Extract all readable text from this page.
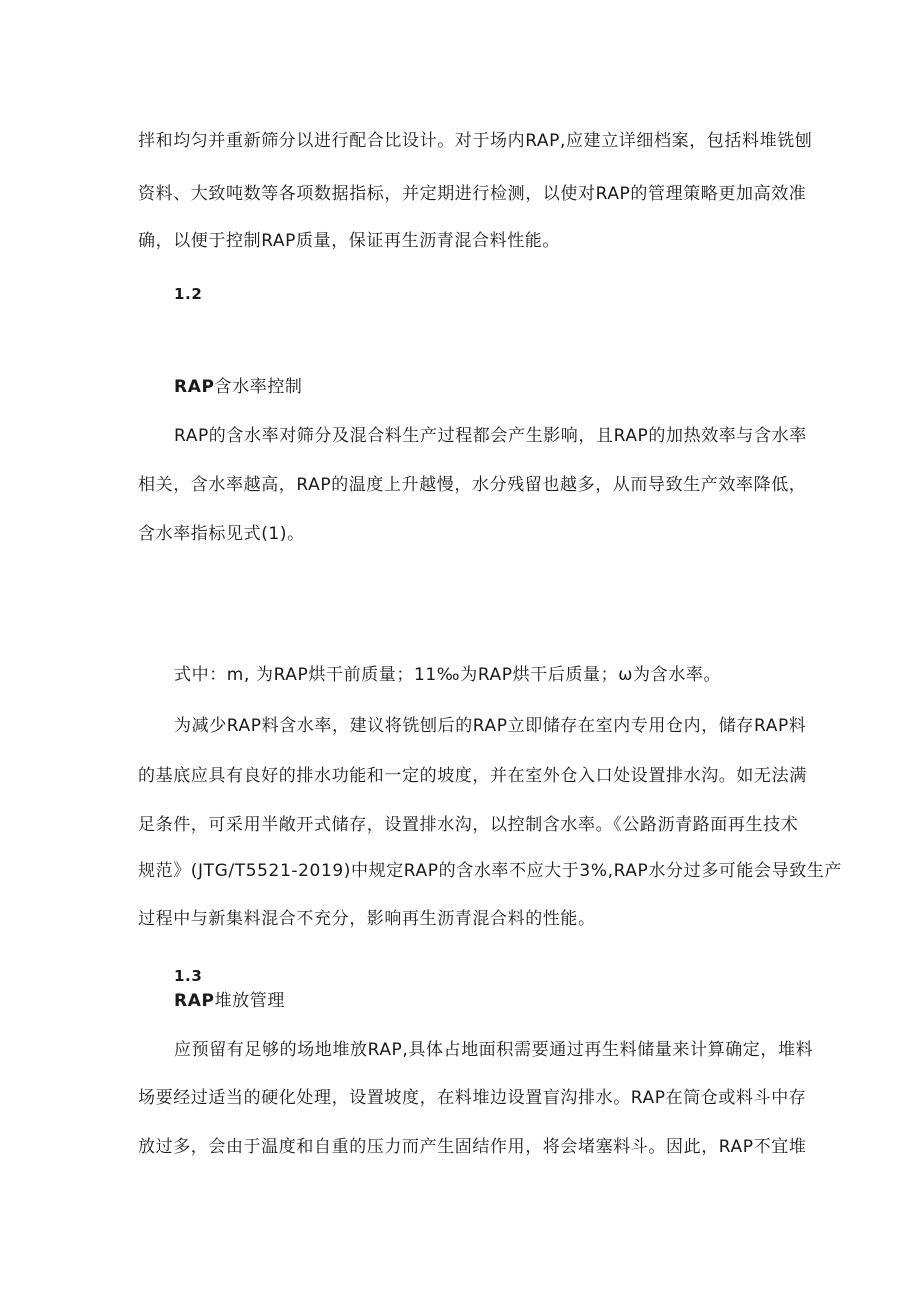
拌和均匀并重新筛分以进行配合比设计。对于场内RAP,应建立详细档案，包括料堆铣刨
资料、大致吨数等各项数据指标，并定期进行检测，以使对RAP的管理策略更加高效准
确，以便于控制RAP质量，保证再生沥青混合料性能。
1.2
RAP含水率控制
RAP的含水率对筛分及混合料生产过程都会产生影响，且RAP的加热效率与含水率
相关，含水率越高，RAP的温度上升越慢，水分残留也越多，从而导致生产效率降低，
含水率指标见式(1)。
式中：m, 为RAP烘干前质量；11‰为RAP烘干后质量；ω为含水率。
为减少RAP料含水率，建议将铣刨后的RAP立即储存在室内专用仓内，储存RAP料
的基底应具有良好的排水功能和一定的坡度，并在室外仓入口处设置排水沟。如无法满
足条件，可采用半敞开式储存，设置排水沟，以控制含水率。《公路沥青路面再生技术
规范》(JTG/T5521-2019)中规定RAP的含水率不应大于3%,RAP水分过多可能会导致生产
过程中与新集料混合不充分，影响再生沥青混合料的性能。
1.3
RAP堆放管理
应预留有足够的场地堆放RAP,具体占地面积需要通过再生料储量来计算确定，堆料
场要经过适当的硬化处理，设置坡度，在料堆边设置盲沟排水。RAP在筒仓或料斗中存
放过多，会由于温度和自重的压力而产生固结作用，将会堵塞料斗。因此，RAP不宜堆
